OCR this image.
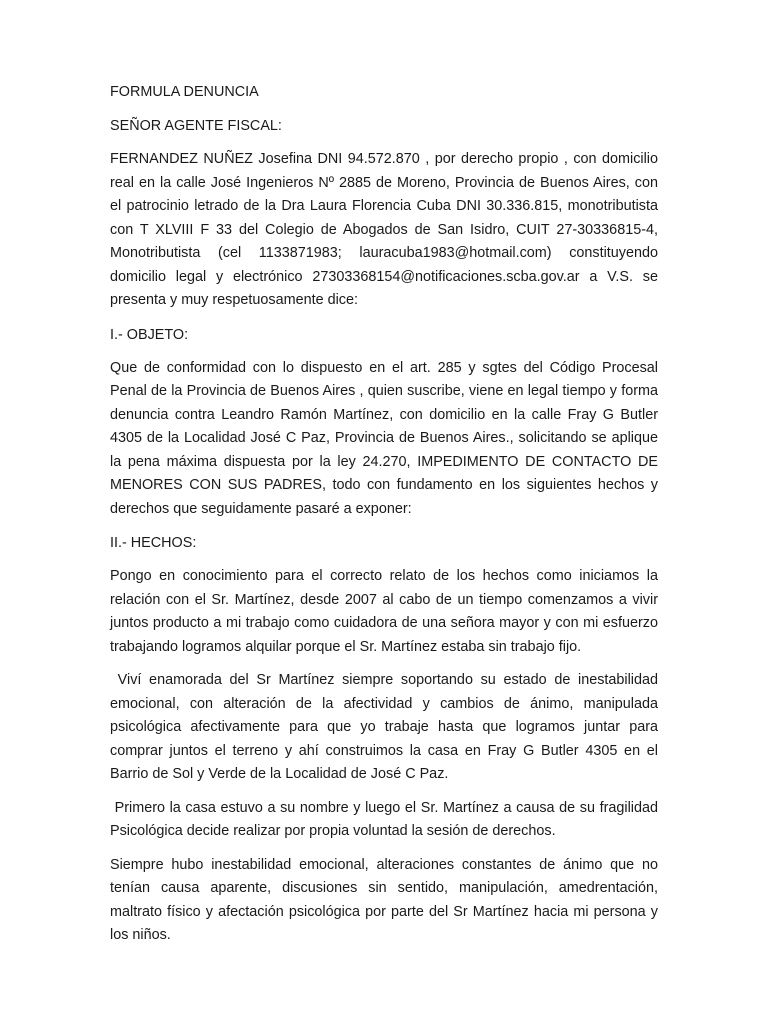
FORMULA DENUNCIA

SEÑOR AGENTE FISCAL:

FERNANDEZ NUÑEZ Josefina DNI 94.572.870 , por derecho propio , con domicilio real en la calle José Ingenieros Nº 2885 de Moreno, Provincia de Buenos Aires, con el patrocinio letrado de la Dra Laura Florencia Cuba DNI 30.336.815, monotributista con T XLVIII F 33 del Colegio de Abogados de San Isidro, CUIT 27-30336815-4, Monotributista (cel 1133871983; lauracuba1983@hotmail.com) constituyendo domicilio legal y electrónico 27303368154@notificaciones.scba.gov.ar a V.S. se presenta y muy respetuosamente dice:

I.- OBJETO:

Que de conformidad con lo dispuesto en el art. 285 y sgtes del Código Procesal Penal de la Provincia de Buenos Aires , quien suscribe, viene en legal tiempo y forma denuncia contra Leandro Ramón Martínez, con domicilio en la calle Fray G Butler 4305 de la Localidad José C Paz, Provincia de Buenos Aires., solicitando se aplique la pena máxima dispuesta por la ley 24.270, IMPEDIMENTO DE CONTACTO DE MENORES CON SUS PADRES, todo con fundamento en los siguientes hechos y derechos que seguidamente pasaré a exponer:

II.- HECHOS:

Pongo en conocimiento para el correcto relato de los hechos como iniciamos la relación con el Sr. Martínez, desde 2007 al cabo de un tiempo comenzamos a vivir juntos producto a mi trabajo como cuidadora de una señora mayor y con mi esfuerzo trabajando logramos alquilar porque el Sr. Martínez estaba sin trabajo fijo.

Viví enamorada del Sr Martínez siempre soportando su estado de inestabilidad emocional, con alteración de la afectividad y cambios de ánimo, manipulada psicológica afectivamente para que yo trabaje hasta que logramos juntar para comprar juntos el terreno y ahí construimos la casa en Fray G Butler 4305 en el Barrio de Sol y Verde de la Localidad de José C Paz.

Primero la casa estuvo a su nombre y luego el Sr. Martínez a causa de su fragilidad Psicológica decide realizar por propia voluntad la sesión de derechos.

Siempre hubo inestabilidad emocional, alteraciones constantes de ánimo que no tenían causa aparente, discusiones sin sentido, manipulación, amedrentación, maltrato físico y afectación psicológica por parte del Sr Martínez hacia mi persona y los niños.
